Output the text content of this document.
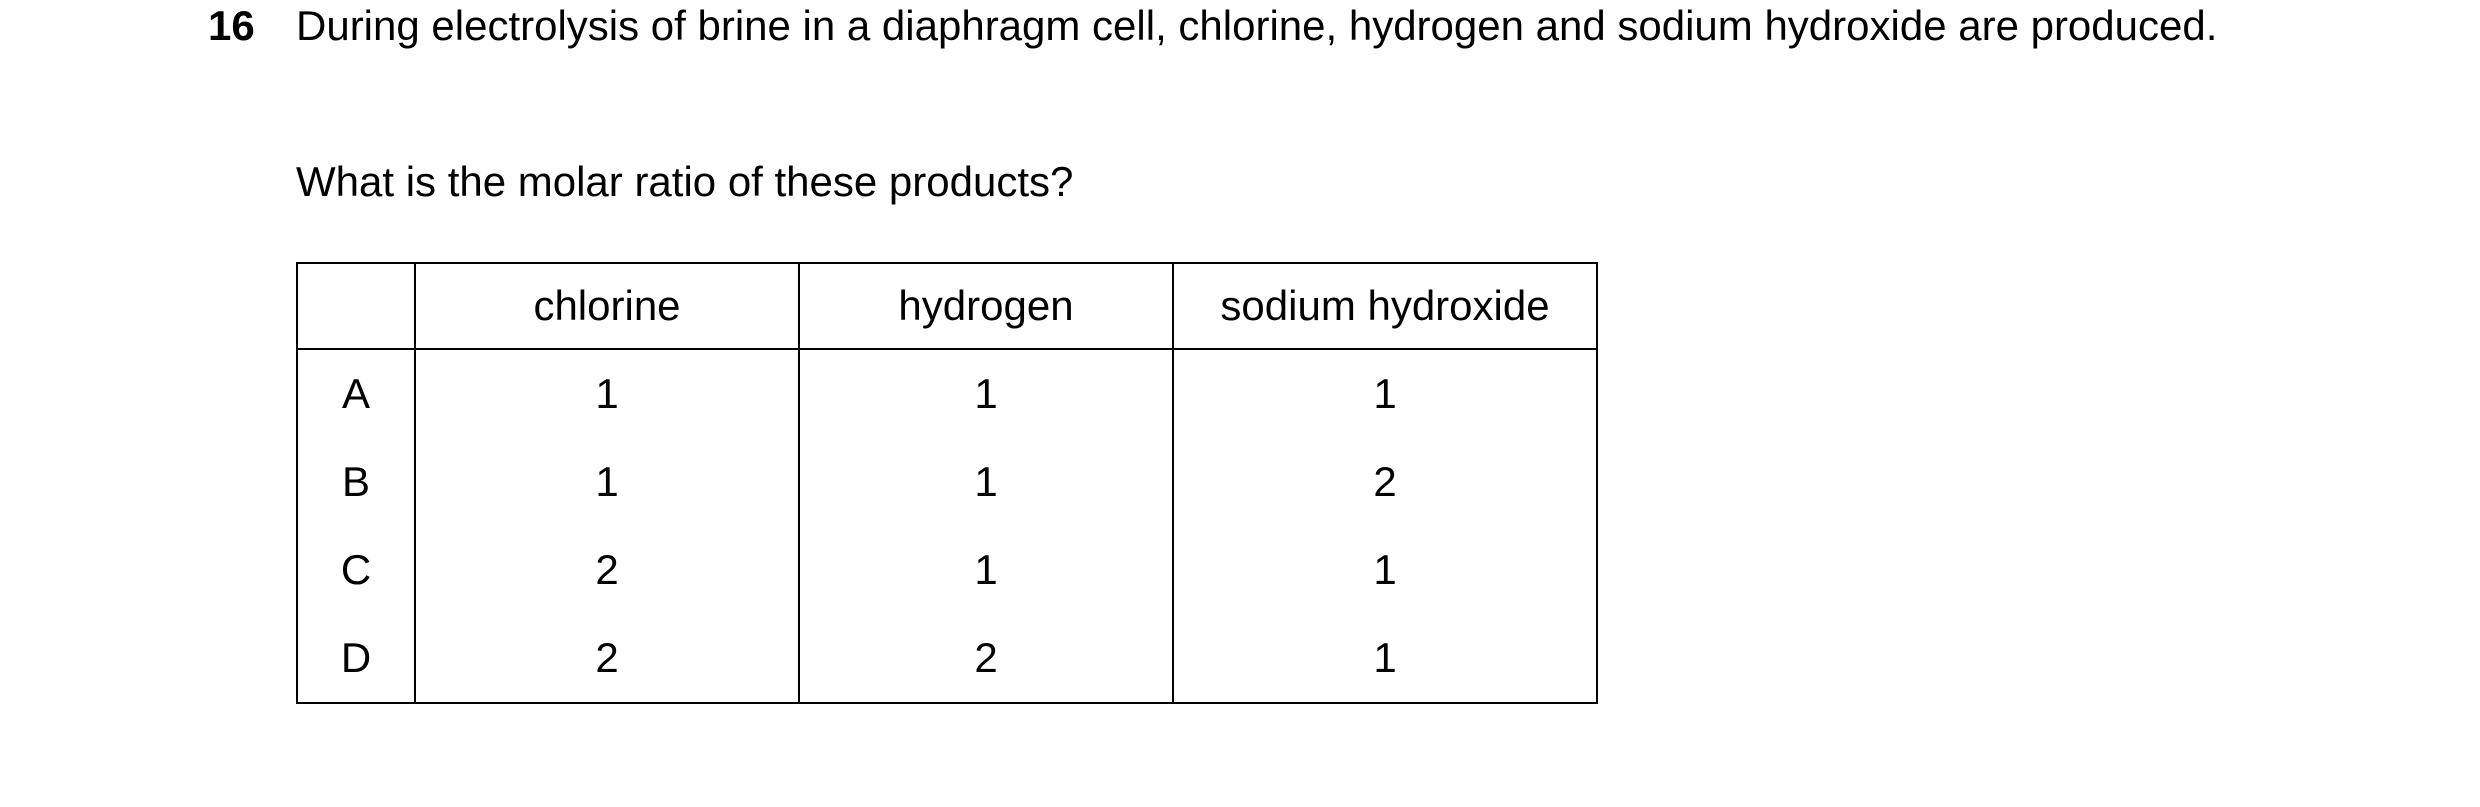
16 During electrolysis of brine in a diaphragm cell, chlorine, hydrogen and sodium hydroxide are produced.
What is the molar ratio of these products?
	chlorine	hydrogen	sodium hydroxide
A	1	1	1
B	1	1	2
C	2	1	1
D	2	2	1
